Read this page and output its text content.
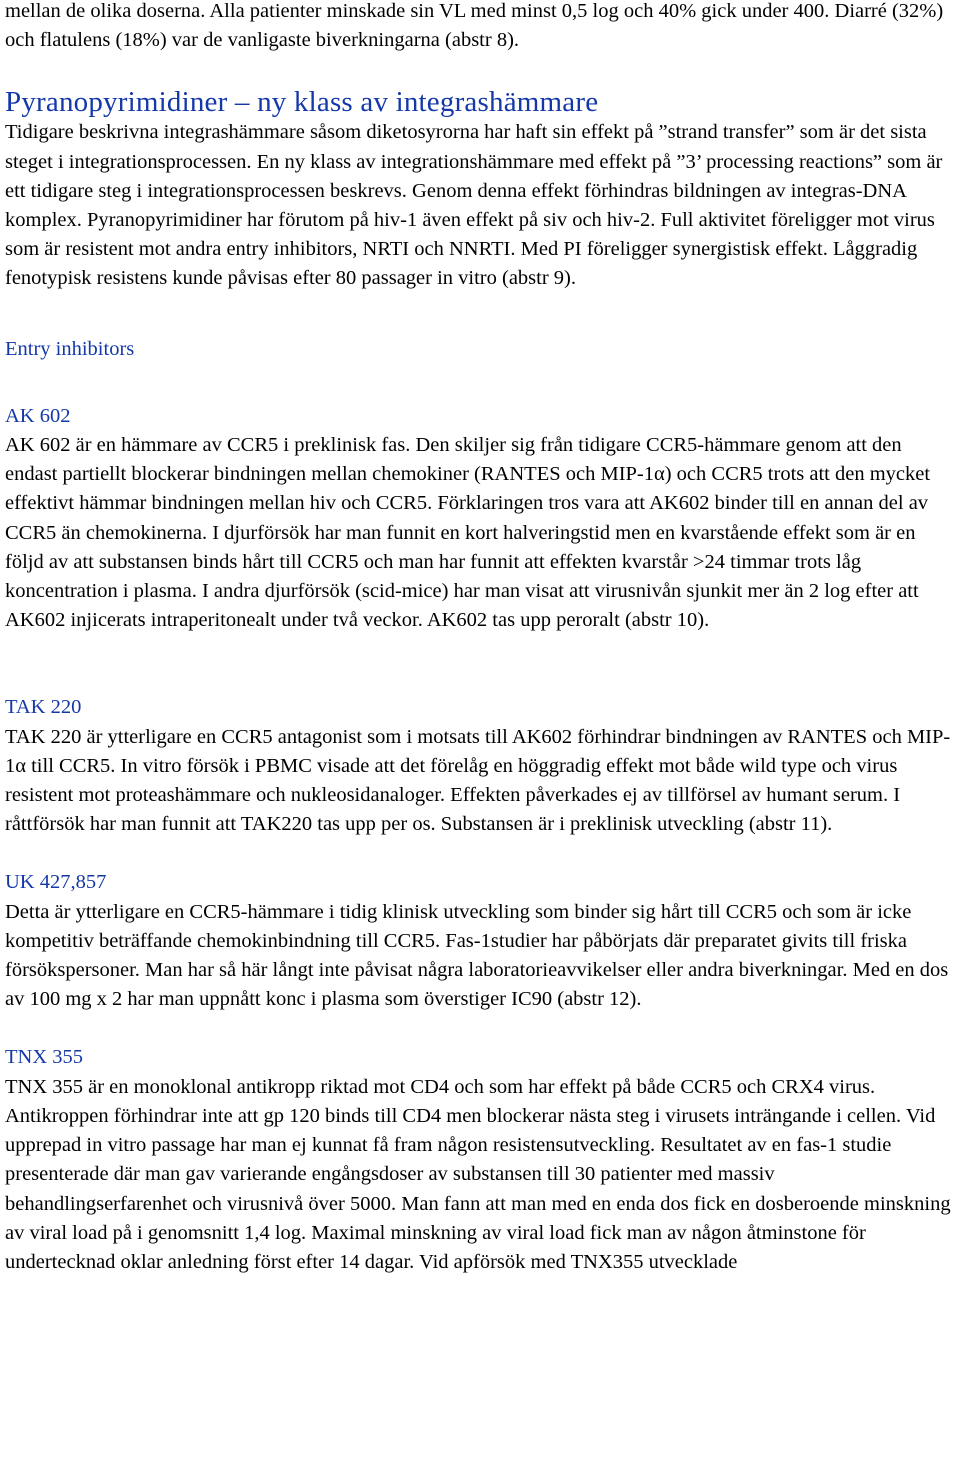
mellan de olika doserna. Alla patienter minskade sin VL med minst 0,5 log och 40% gick under 400. Diarré (32%) och flatulens (18%) var de vanligaste biverkningarna (abstr 8).

Pyranopyrimidiner – ny klass av integrashämmare

Tidigare beskrivna integrashämmare såsom diketosyrorna har haft sin effekt på ”strand transfer” som är det sista steget i integrationsprocessen. En ny klass av integrationshämmare med effekt på ”3’ processing reactions” som är ett tidigare steg i integrationsprocessen beskrevs. Genom denna effekt förhindras bildningen av integras-DNA komplex. Pyranopyrimidiner har förutom på hiv-1 även effekt på siv och hiv-2. Full aktivitet föreligger mot virus som är resistent mot andra entry inhibitors, NRTI och NNRTI. Med PI föreligger synergistisk effekt. Låggradig fenotypisk resistens kunde påvisas efter 80 passager in vitro (abstr 9).

Entry inhibitors

AK 602

AK 602 är en hämmare av CCR5 i preklinisk fas. Den skiljer sig från tidigare CCR5-hämmare genom att den endast partiellt blockerar bindningen mellan chemokiner (RANTES och MIP-1α) och CCR5 trots att den mycket effektivt hämmar bindningen mellan hiv och CCR5. Förklaringen tros vara att AK602 binder till en annan del av CCR5 än chemokinerna. I djurförsök har man funnit en kort halveringstid men en kvarstående effekt som är en följd av att substansen binds hårt till CCR5 och man har funnit att effekten kvarstår >24 timmar trots låg koncentration i plasma. I andra djurförsök (scid-mice) har man visat att virusnivån sjunkit mer än 2 log efter att AK602 injicerats intraperitonealt under två veckor. AK602 tas upp peroralt (abstr 10).

TAK 220

TAK 220 är ytterligare en CCR5 antagonist som i motsats till AK602 förhindrar bindningen av RANTES och MIP-1α till CCR5. In vitro försök i PBMC visade att det förelåg en höggradig effekt mot både wild type och virus resistent mot proteashämmare och nukleosidanaloger. Effekten påverkades ej av tillförsel av humant serum. I råttförsök har man funnit att TAK220 tas upp per os. Substansen är i preklinisk utveckling (abstr 11).

UK 427,857

Detta är ytterligare en CCR5-hämmare i tidig klinisk utveckling som binder sig hårt till CCR5 och som är icke kompetitiv beträffande chemokinbindning till CCR5. Fas-1studier har påbörjats där preparatet givits till friska försökspersoner. Man har så här långt inte påvisat några laboratorieavvikelser eller andra biverkningar. Med en dos av 100 mg x 2 har man uppnått konc i plasma som överstiger IC90 (abstr 12).

TNX 355

TNX 355 är en monoklonal antikropp riktad mot CD4 och som har effekt på både CCR5 och CRX4 virus. Antikroppen förhindrar inte att gp 120 binds till CD4 men blockerar nästa steg i virusets inträngande i cellen. Vid upprepad in vitro passage har man ej kunnat få fram någon resistensutveckling. Resultatet av en fas-1 studie presenterade där man gav varierande engångsdoser av substansen till 30 patienter med massiv behandlingserfarenhet och virusnivå över 5000. Man fann att man med en enda dos fick en dosberoende minskning av viral load på i genomsnitt 1,4 log. Maximal minskning av viral load fick man av någon åtminstone för undertecknad oklar anledning först efter 14 dagar. Vid apförsök med TNX355 utvecklade
